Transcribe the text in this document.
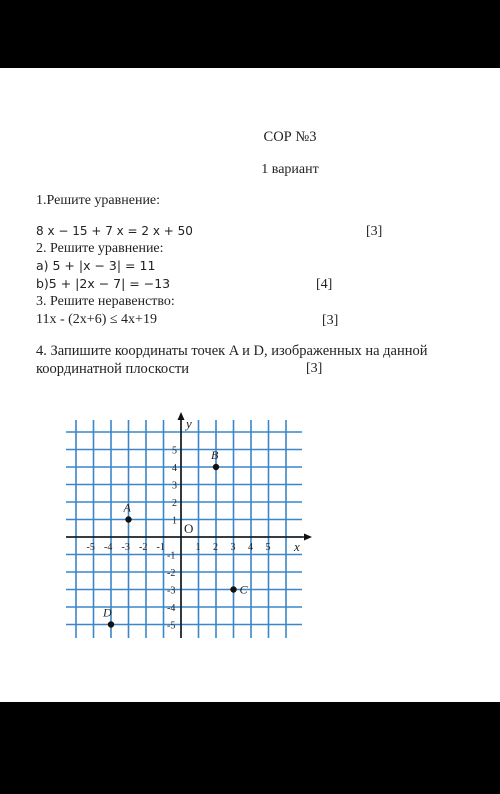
СОР №3
1 вариант
1.Решите уравнение:
8 x − 15 + 7 x = 2 x + 50	[3]
2. Решите уравнение:
а) 5 + |x − 3| = 11
b)5 + |2x − 7| = −13	[4]
3. Решите неравенство:
11x - (2x+6) ≤ 4x+19	[3]
4. Запишите координаты точек A и D, изображенных на данной
координатной плоскости	[3]
x
y
O
-5 -4 -3 -2 -1	1 2 3 4 5
5
4
3
2
1
-1
-2
-3
-4
-5
A
B
C
D
